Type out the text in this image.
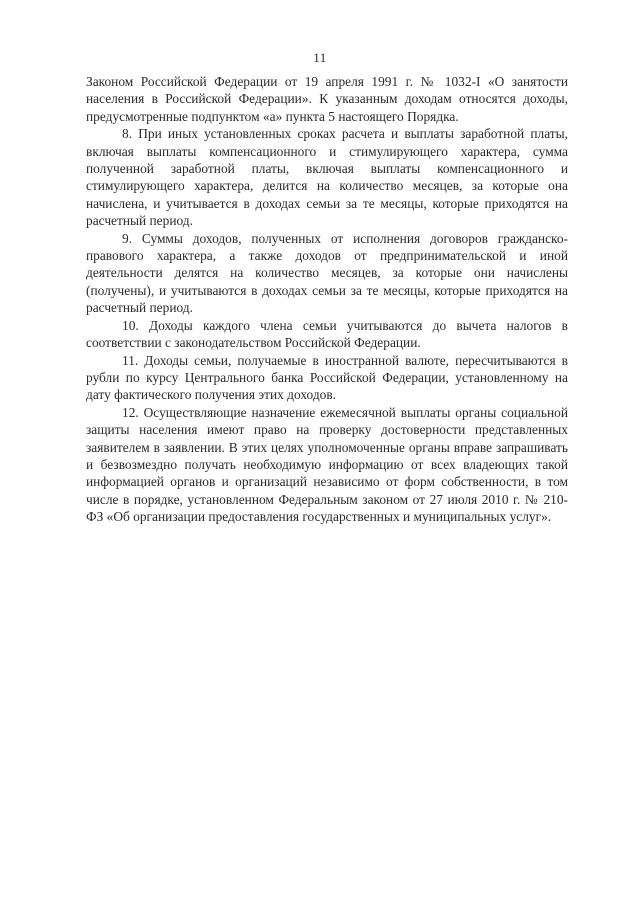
11

Законом Российской Федерации от 19 апреля 1991 г. № 1032-I «О занятости населения в Российской Федерации». К указанным доходам относятся доходы, предусмотренные подпунктом «а» пункта 5 настоящего Порядка.

8. При иных установленных сроках расчета и выплаты заработной платы, включая выплаты компенсационного и стимулирующего характера, сумма полученной заработной платы, включая выплаты компенсационного и стимулирующего характера, делится на количество месяцев, за которые она начислена, и учитывается в доходах семьи за те месяцы, которые приходятся на расчетный период.

9. Суммы доходов, полученных от исполнения договоров гражданско-правового характера, а также доходов от предпринимательской и иной деятельности делятся на количество месяцев, за которые они начислены (получены), и учитываются в доходах семьи за те месяцы, которые приходятся на расчетный период.

10. Доходы каждого члена семьи учитываются до вычета налогов в соответствии с законодательством Российской Федерации.

11. Доходы семьи, получаемые в иностранной валюте, пересчитываются в рубли по курсу Центрального банка Российской Федерации, установленному на дату фактического получения этих доходов.

12. Осуществляющие назначение ежемесячной выплаты органы социальной защиты населения имеют право на проверку достоверности представленных заявителем в заявлении. В этих целях уполномоченные органы вправе запрашивать и безвозмездно получать необходимую информацию от всех владеющих такой информацией органов и организаций независимо от форм собственности, в том числе в порядке, установленном Федеральным законом от 27 июля 2010 г. № 210-ФЗ «Об организации предоставления государственных и муниципальных услуг».
